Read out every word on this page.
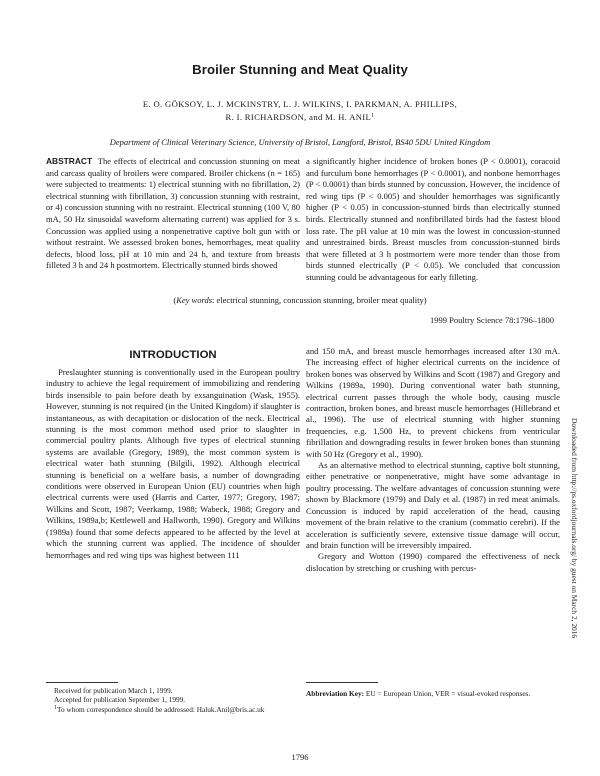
Broiler Stunning and Meat Quality
E. O. GÖKSOY, L. J. MCKINSTRY, L. J. WILKINS, I. PARKMAN, A. PHILLIPS,
R. I. RICHARDSON, and M. H. ANIL$^1$
Department of Clinical Veterinary Science, University of Bristol, Langford, Bristol, BS40 5DU United Kingdom
ABSTRACT The effects of electrical and concussion stunning on meat and carcass quality of broilers were compared. Broiler chickens (n = 165) were subjected to treatments: 1) electrical stunning with no fibrillation, 2) electrical stunning with fibrillation, 3) concussion stunning with restraint, or 4) concussion stunning with no restraint. Electrical stunning (100 V, 80 mA, 50 Hz sinusoidal waveform alternating current) was applied for 3 s. Concussion was applied using a nonpenetrative captive bolt gun with or without restraint. We assessed broken bones, hemorrhages, meat quality defects, blood loss, pH at 10 min and 24 h, and texture from breasts filleted 3 h and 24 h postmortem. Electrically stunned birds showed
a significantly higher incidence of broken bones (P < 0.0001), coracoid and furculum bone hemorrhages (P < 0.0001), and nonbone hemorrhages (P < 0.0001) than birds stunned by concussion. However, the incidence of red wing tips (P < 0.005) and shoulder hemorrhages was significantly higher (P < 0.05) in concussion-stunned birds than electrically stunned birds. Electrically stunned and nonfibrillated birds had the fastest blood loss rate. The pH value at 10 min was the lowest in concussion-stunned and unrestrained birds. Breast muscles from concussion-stunned birds that were filleted at 3 h postmortem were more tender than those from birds stunned electrically (P < 0.05). We concluded that concussion stunning could be advantageous for early filleting.
(Key words: electrical stunning, concussion stunning, broiler meat quality)
1999 Poultry Science 78:1796–1800
INTRODUCTION

Preslaughter stunning is conventionally used in the European poultry industry to achieve the legal requirement of immobilizing and rendering birds insensible to pain before death by exsanguination (Wask, 1955). However, stunning is not required (in the United Kingdom) if slaughter is instantaneous, as with decapitation or dislocation of the neck. Electrical stunning is the most common method used prior to slaughter in commercial poultry plants. Although five types of electrical stunning systems are available (Gregory, 1989), the most common system is electrical water bath stunning (Bilgili, 1992). Although electrical stunning is beneficial on a welfare basis, a number of downgrading conditions were observed in European Union (EU) countries when high electrical currents were used (Harris and Carter, 1977; Gregory, 1987; Wilkins and Scott, 1987; Veerkamp, 1988; Wabeck, 1988; Gregory and Wilkins, 1989a,b; Kettlewell and Hallworth, 1990). Gregory and Wilkins (1989a) found that some defects appeared to be affected by the level at which the stunning current was applied. The incidence of shoulder hemorrhages and red wing tips was highest between 111

and 150 mA, and breast muscle hemorrhages increased after 130 mA. The increasing effect of higher electrical currents on the incidence of broken bones was observed by Wilkins and Scott (1987) and Gregory and Wilkins (1989a, 1990). During conventional water bath stunning, electrical current passes through the whole body, causing muscle contraction, broken bones, and breast muscle hemorrhages (Hillebrand et al., 1996). The use of electrical stunning with higher stunning frequencies, e.g. 1,500 Hz, to prevent chickens from ventricular fibrillation and downgrading results in fewer broken bones than stunning with 50 Hz (Gregory et al., 1990).

As an alternative method to electrical stunning, captive bolt stunning, either penetrative or nonpenetrative, might have some advantage in poultry processing. The welfare advantages of concussion stunning were shown by Blackmore (1979) and Daly et al. (1987) in red meat animals. Concussion is induced by rapid acceleration of the head, causing movement of the brain relative to the cranium (commatio cerebri). If the acceleration is sufficiently severe, extensive tissue damage will occur, and brain function will be irreversibly impaired.

Gregory and Wotton (1990) compared the effectiveness of neck dislocation by stretching or crushing with percus-

Received for publication March 1, 1999.
Accepted for publication September 1, 1999.
$^1$To whom correspondence should be addressed: Haluk.Anil@bris.ac.uk
Abbreviation Key: EU = European Union, VER = visual-evoked responses.
1796
Downloaded from http://ps.oxfordjournals.org/ by guest on March 2, 2016
